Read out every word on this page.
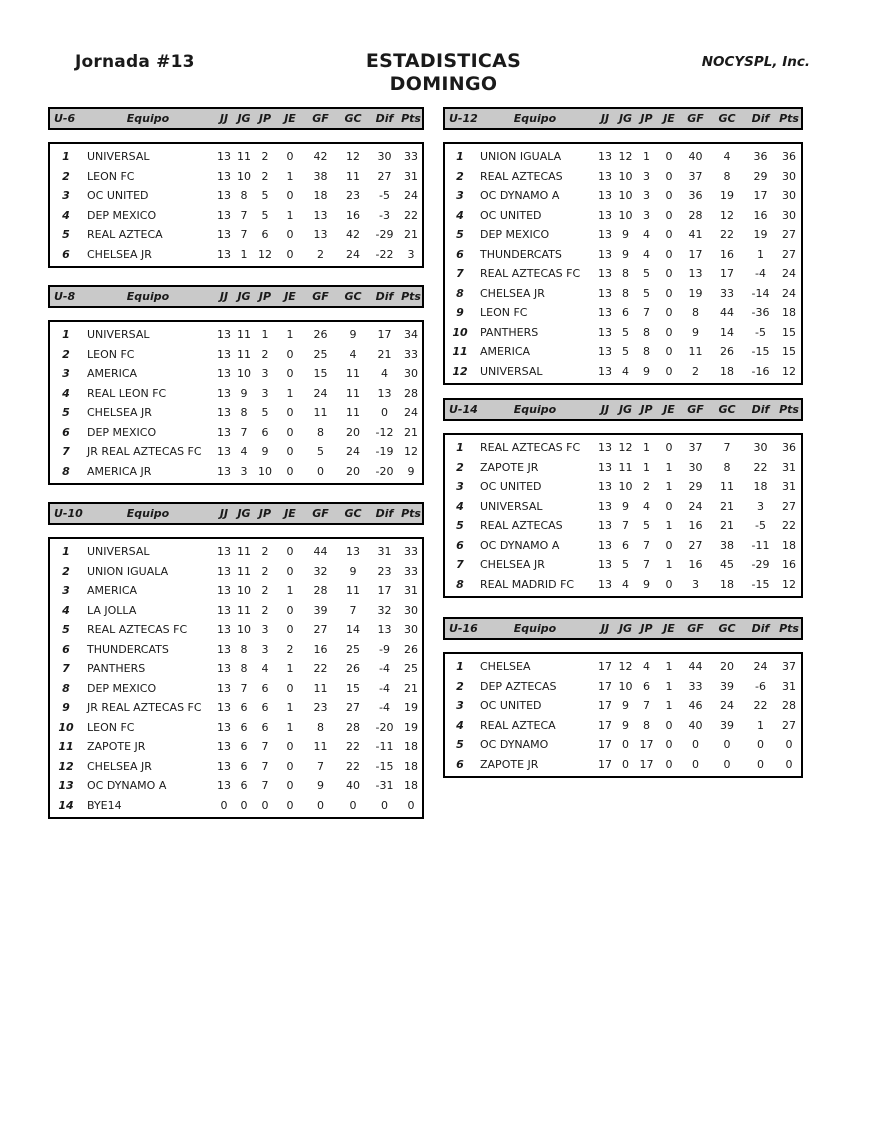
Jornada #13	ESTADISTICAS
DOMINGO
NOCYSPL, Inc.
U-6	Equipo	JJ JG JP	JE	GF	GC	Dif Pts
1	UNIVERSAL	13 11 2	0	42	12	30	33
2	LEON FC	13 10 2	1	38	11	27	31
3	OC UNITED	13 8	5	0	18	23	-5	24
4	DEP MEXICO	13 7	5	1	13	16	-3	22
5	REAL AZTECA	13 7	6	0	13	42	-29 21
6	CHELSEA JR	13 1 12	0	2	24	-22	3
U-8	Equipo	JJ JG JP	JE	GF	GC	Dif Pts
1	UNIVERSAL	13 11 1	1	26	9	17	34
2	LEON FC	13 11 2	0	25	4	21	33
3	AMERICA	13 10 3	0	15	11	4	30
4	REAL LEON FC	13 9	3	1	24	11	13	28
5	CHELSEA JR	13 8	5	0	11	11	0	24
6	DEP MEXICO	13 7	6	0	8	20	-12 21
7	JR REAL AZTECAS FC	13 4	9	0	5	24	-19 12
8	AMERICA JR	13 3 10	0	0	20	-20	9
U-10	Equipo	JJ JG JP	JE	GF	GC	Dif Pts
1	UNIVERSAL	13 11 2	0	44	13	31	33
2	UNION IGUALA	13 11 2	0	32	9	23	33
3	AMERICA	13 10 2	1	28	11	17	31
4	LA JOLLA	13 11 2	0	39	7	32	30
5	REAL AZTECAS FC	13 10 3	0	27	14	13	30
6	THUNDERCATS	13 8	3	2	16	25	-9	26
7	PANTHERS	13 8	4	1	22	26	-4	25
8	DEP MEXICO	13 7	6	0	11	15	-4	21
9	JR REAL AZTECAS FC	13 6	6	1	23	27	-4	19
10	LEON FC	13 6	6	1	8	28	-20 19
11	ZAPOTE JR	13 6	7	0	11	22	-11 18
12	CHELSEA JR	13 6	7	0	7	22	-15 18
13	OC DYNAMO A	13 6	7	0	9	40	-31 18
14	BYE14	0	0	0	0	0	0	0	0
U-12	Equipo	JJ JG JP JE	GF	GC	Dif Pts
1	UNION IGUALA	13 12 1	0	40	4	36	36
2	REAL AZTECAS	13 10 3	0	37	8	29	30
3	OC DYNAMO A	13 10 3	0	36	19	17	30
4	OC UNITED	13 10 3	0	28	12	16	30
5	DEP MEXICO	13 9	4	0	41	22	19	27
6	THUNDERCATS	13 9	4	0	17	16	1	27
7	REAL AZTECAS FC	13 8	5	0	13	17	-4	24
8	CHELSEA JR	13 8	5	0	19	33	-14	24
9	LEON FC	13 6	7	0	8	44	-36	18
10	PANTHERS	13 5	8	0	9	14	-5	15
11	AMERICA	13 5	8	0	11	26	-15	15
12	UNIVERSAL	13 4	9	0	2	18	-16	12
U-14	Equipo	JJ JG JP JE	GF	GC	Dif Pts
1	REAL AZTECAS FC	13 12 1	0	37	7	30	36
2	ZAPOTE JR	13 11 1	1	30	8	22	31
3	OC UNITED	13 10 2	1	29	11	18	31
4	UNIVERSAL	13 9	4	0	24	21	3	27
5	REAL AZTECAS	13 7	5	1	16	21	-5	22
6	OC DYNAMO A	13 6	7	0	27	38	-11	18
7	CHELSEA JR	13 5	7	1	16	45	-29	16
8	REAL MADRID FC	13 4	9	0	3	18	-15	12
U-16	Equipo	JJ JG JP JE	GF	GC	Dif Pts
1	CHELSEA	17 12 4	1	44	20	24	37
2	DEP AZTECAS	17 10 6	1	33	39	-6	31
3	OC UNITED	17 9	7	1	46	24	22	28
4	REAL AZTECA	17 9	8	0	40	39	1	27
5	OC DYNAMO	17 0 17	0	0	0	0	0
6	ZAPOTE JR	17 0 17	0	0	0	0	0
